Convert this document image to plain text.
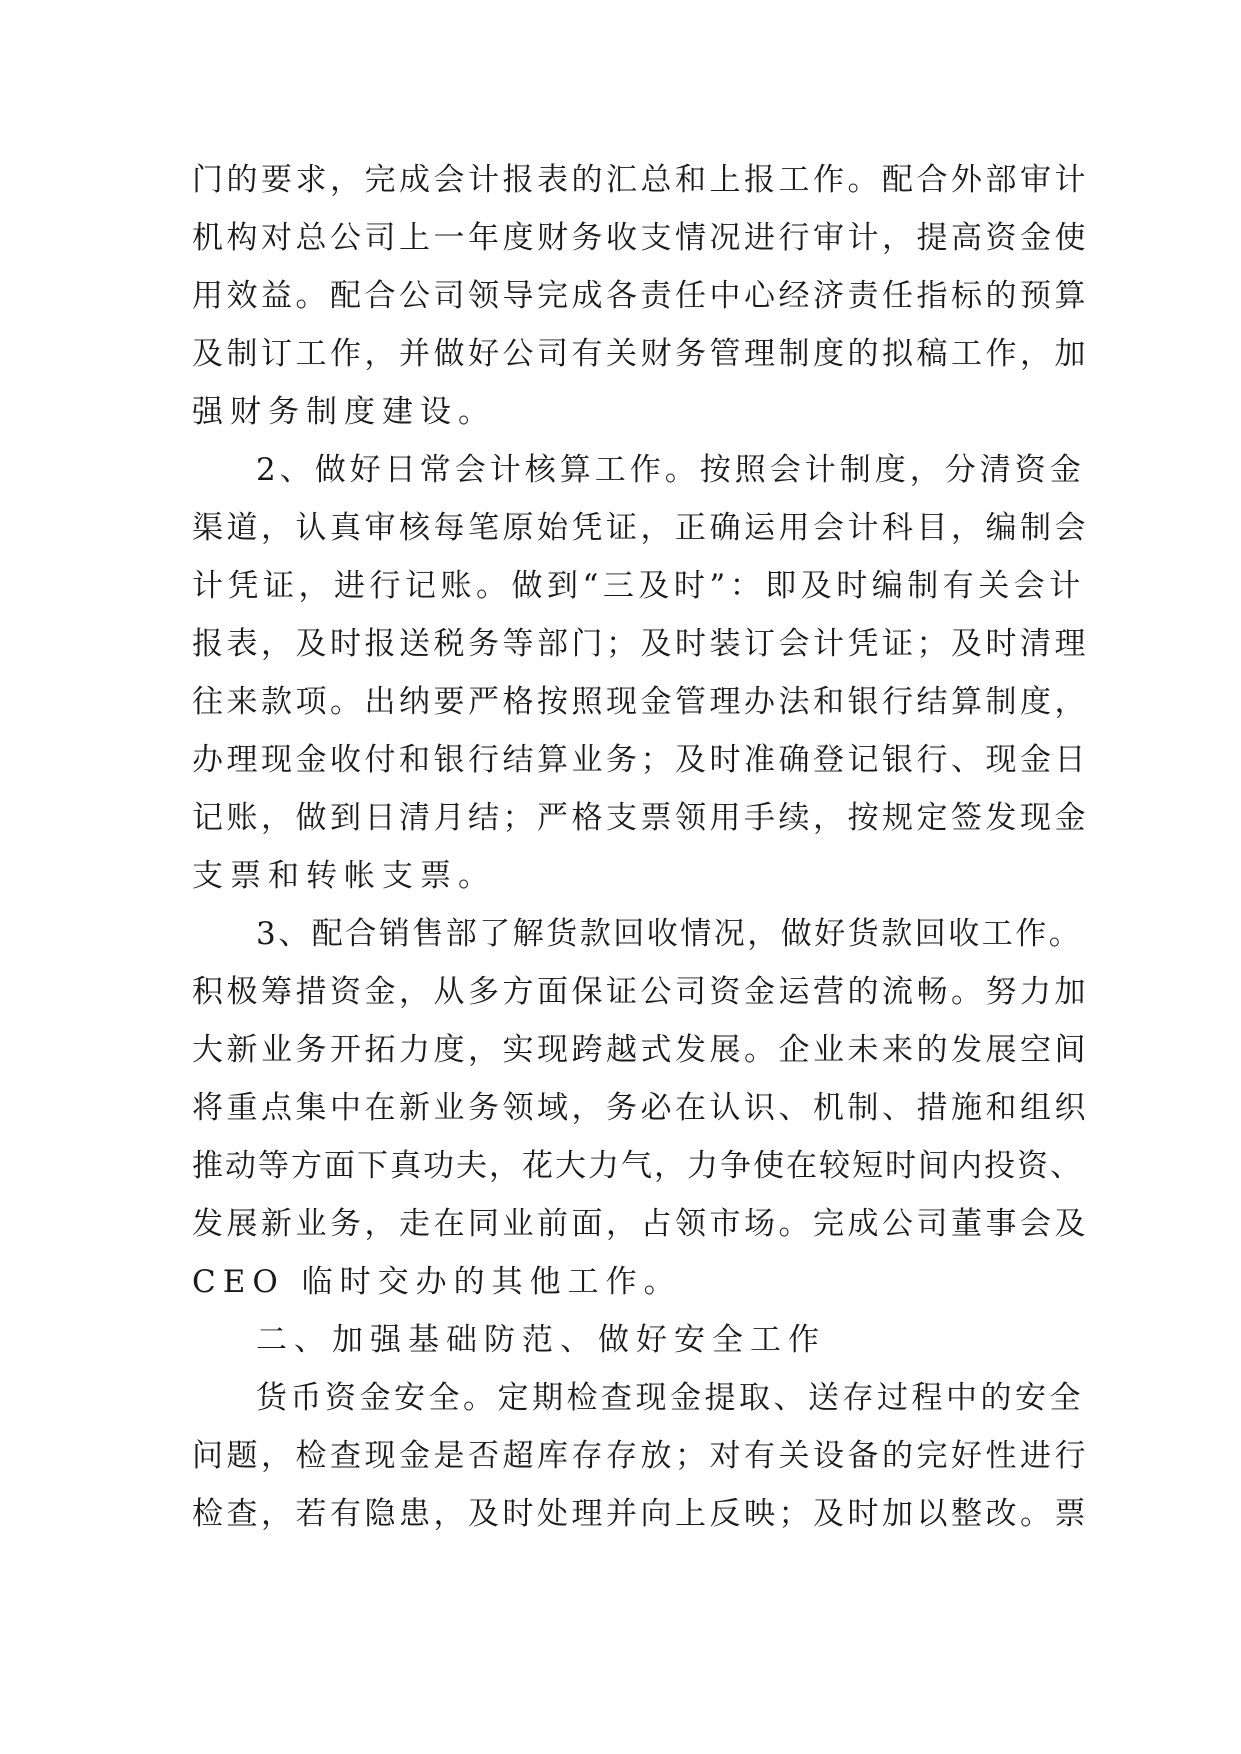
门的要求，完成会计报表的汇总和上报工作。配合外部审计
机构对总公司上一年度财务收支情况进行审计，提高资金使
用效益。配合公司领导完成各责任中心经济责任指标的预算
及制订工作，并做好公司有关财务管理制度的拟稿工作，加
强财务制度建设。
2、做好日常会计核算工作。按照会计制度，分清资金
渠道，认真审核每笔原始凭证，正确运用会计科目，编制会
计凭证，进行记账。做到“三及时”：即及时编制有关会计
报表，及时报送税务等部门；及时装订会计凭证；及时清理
往来款项。出纳要严格按照现金管理办法和银行结算制度，
办理现金收付和银行结算业务；及时准确登记银行、现金日
记账，做到日清月结；严格支票领用手续，按规定签发现金
支票和转帐支票。
3、配合销售部了解货款回收情况，做好货款回收工作。
积极筹措资金，从多方面保证公司资金运营的流畅。努力加
大新业务开拓力度，实现跨越式发展。企业未来的发展空间
将重点集中在新业务领域，务必在认识、机制、措施和组织
推动等方面下真功夫，花大力气，力争使在较短时间内投资、
发展新业务，走在同业前面，占领市场。完成公司董事会及
CEO 临时交办的其他工作。
二、加强基础防范、做好安全工作
货币资金安全。定期检查现金提取、送存过程中的安全
问题，检查现金是否超库存存放；对有关设备的完好性进行
检查，若有隐患，及时处理并向上反映；及时加以整改。票
